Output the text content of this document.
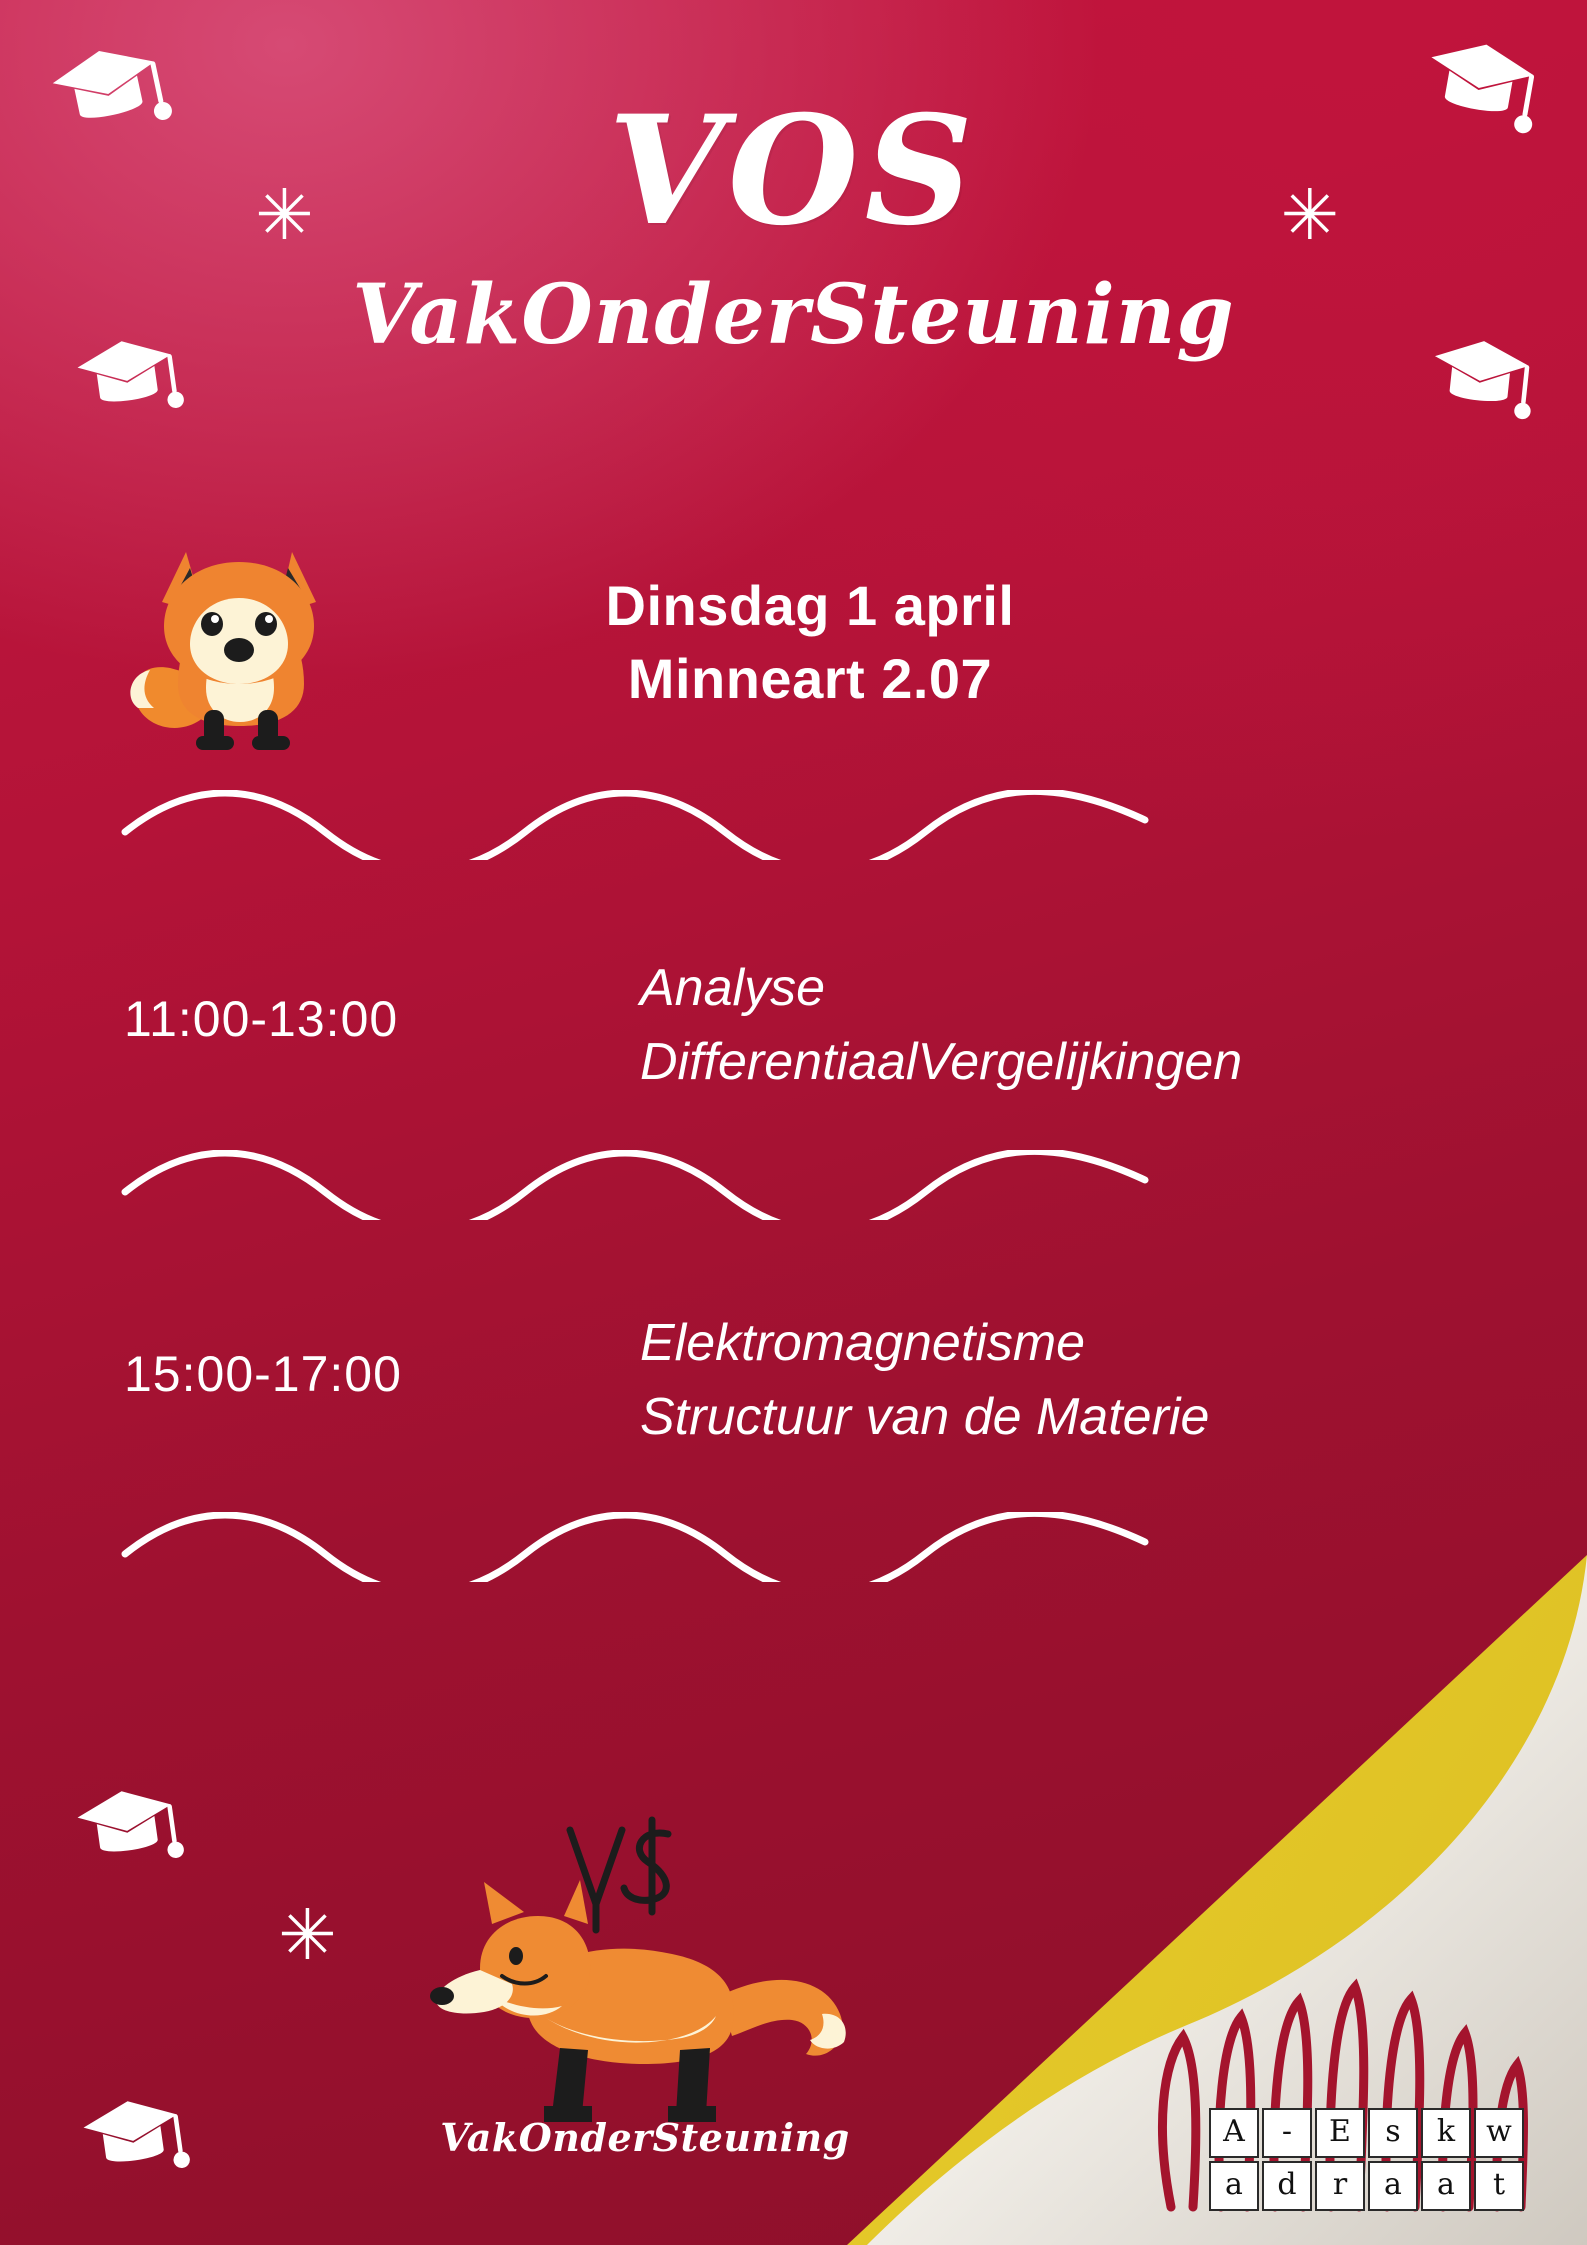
✳	✳
✳
VOS
VakOnderSteuning
Dinsdag 1 april
Minneart 2.07
11:00-13:00
Analyse
DifferentiaalVergelijkingen
15:00-17:00
Elektromagnetisme
Structuur van de Materie
A	-	E	s	k	w
a	d	r	a	a	t
VakOnderSteuning
